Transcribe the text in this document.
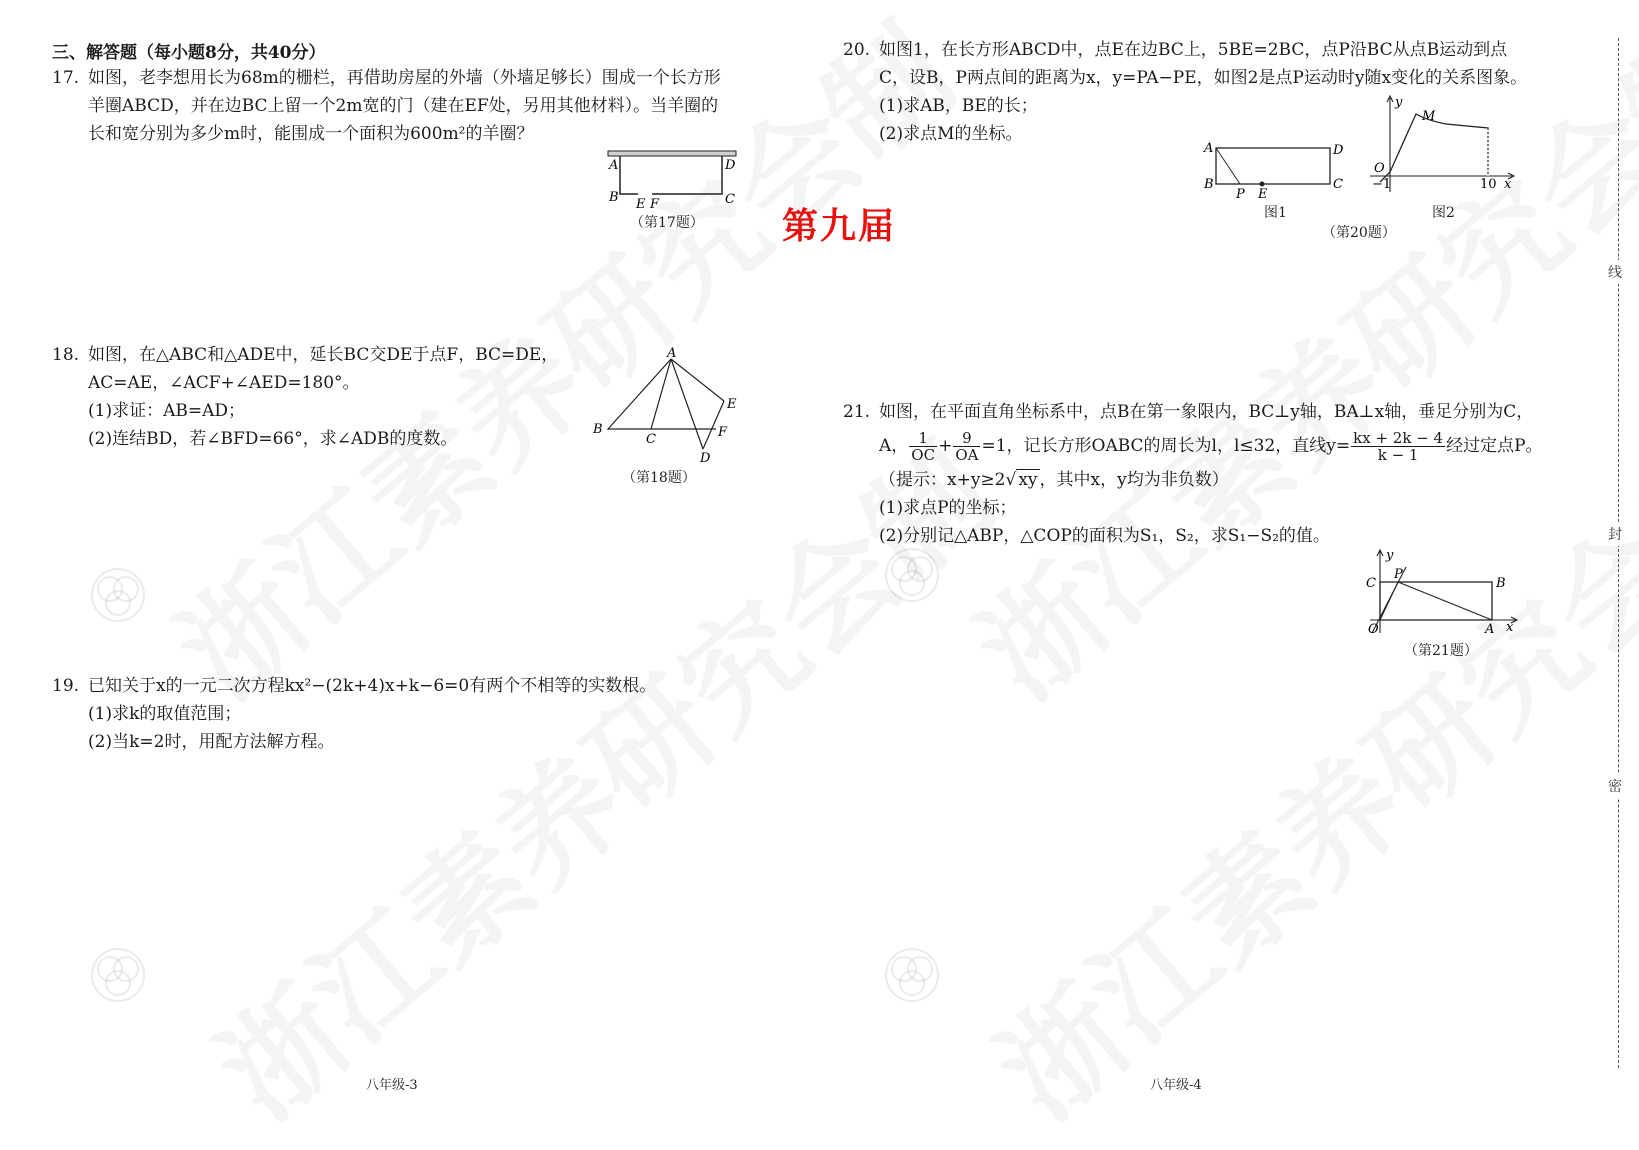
线
封
密
第九届
三、解答题（每小题8分，共40分）
17. 如图，老李想用长为68m的栅栏，再借助房屋的外墙（外墙足够长）围成一个长方形
羊圈ABCD，并在边BC上留一个2m宽的门（建在EF处，另用其他材料）。当羊圈的
长和宽分别为多少m时，能围成一个面积为600m²的羊圈？
A	D
B	C
E F
（第17题）
18. 如图，在△ABC和△ADE中，延长BC交DE于点F，BC=DE，
AC=AE，∠ACF+∠AED=180°。
(1)求证：AB=AD；
(2)连结BD，若∠BFD=66°，求∠ADB的度数。
A
B
C
E
F
D
（第18题）
19. 已知关于x的一元二次方程kx²−(2k+4)x+k−6=0有两个不相等的实数根。
(1)求k的取值范围；
(2)当k=2时，用配方法解方程。
20. 如图1，在长方形ABCD中，点E在边BC上，5BE=2BC，点P沿BC从点B运动到点
C，设B，P两点间的距离为x，y=PA−PE，如图2是点P运动时y随x变化的关系图象。
(1)求AB，BE的长；
(2)求点M的坐标。
A	D
B	C
P E
图1
y
M
O
−1	10 x
图2
（第20题）
21. 如图，在平面直角坐标系中，点B在第一象限内，BC⊥y轴，BA⊥x轴，垂足分别为C，
A， $\frac{1}{OC} + \frac{9}{OA} =1$，记长方形OABC的周长为l，l≤32，直线$y= \frac{kx + 2k - 4}{k - 1}$ 经过定点P。
（提示：x+y≥2√ xy ，其中x，y均为非负数）
(1)求点P的坐标；
(2)分别记△ABP，△COP的面积为S₁，S₂，求S₁−S₂的值。
y
C
P
B
O	A x
（第21题）
八年级-3	八年级-4
